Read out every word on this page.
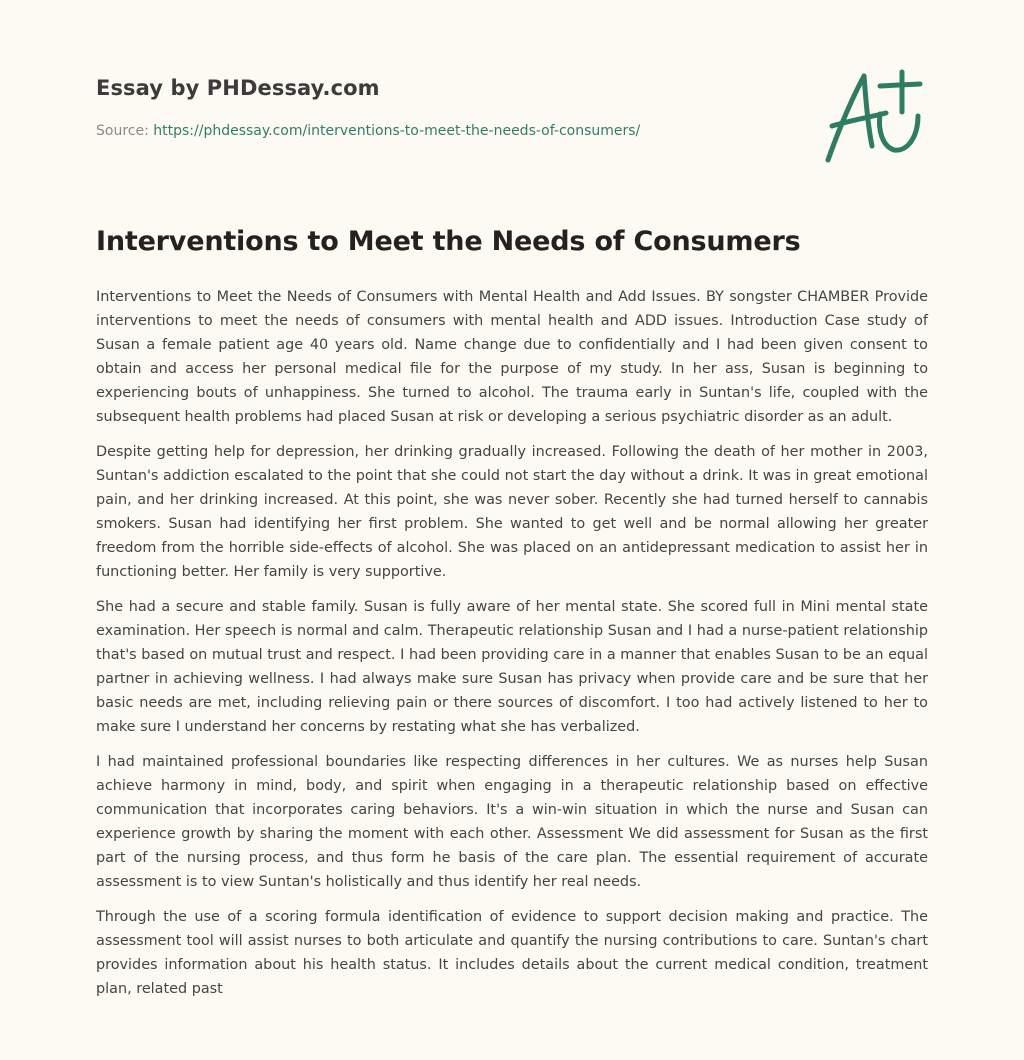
Essay by PHDessay.com
Source: https://phdessay.com/interventions-to-meet-the-needs-of-consumers/
Interventions to Meet the Needs of Consumers

Interventions to Meet the Needs of Consumers with Mental Health and Add Issues. BY songster CHAMBER Provide interventions to meet the needs of consumers with mental health and ADD issues. Introduction Case study of Susan a female patient age 40 years old. Name change due to confidentially and I had been given consent to obtain and access her personal medical file for the purpose of my study. In her ass, Susan is beginning to experiencing bouts of unhappiness. She turned to alcohol. The trauma early in Suntan's life, coupled with the subsequent health problems had placed Susan at risk or developing a serious psychiatric disorder as an adult.

Despite getting help for depression, her drinking gradually increased. Following the death of her mother in 2003, Suntan's addiction escalated to the point that she could not start the day without a drink. It was in great emotional pain, and her drinking increased. At this point, she was never sober. Recently she had turned herself to cannabis smokers. Susan had identifying her first problem. She wanted to get well and be normal allowing her greater freedom from the horrible side-effects of alcohol. She was placed on an antidepressant medication to assist her in functioning better. Her family is very supportive.

She had a secure and stable family. Susan is fully aware of her mental state. She scored full in Mini mental state examination. Her speech is normal and calm. Therapeutic relationship Susan and I had a nurse-patient relationship that's based on mutual trust and respect. I had been providing care in a manner that enables Susan to be an equal partner in achieving wellness. I had always make sure Susan has privacy when provide care and be sure that her basic needs are met, including relieving pain or there sources of discomfort. I too had actively listened to her to make sure I understand her concerns by restating what she has verbalized.

I had maintained professional boundaries like respecting differences in her cultures. We as nurses help Susan achieve harmony in mind, body, and spirit when engaging in a therapeutic relationship based on effective communication that incorporates caring behaviors. It's a win-win situation in which the nurse and Susan can experience growth by sharing the moment with each other. Assessment We did assessment for Susan as the first part of the nursing process, and thus form he basis of the care plan. The essential requirement of accurate assessment is to view Suntan's holistically and thus identify her real needs.

Through the use of a scoring formula identification of evidence to support decision making and practice. The assessment tool will assist nurses to both articulate and quantify the nursing contributions to care. Suntan's chart provides information about his health status. It includes details about the current medical condition, treatment plan, related past
